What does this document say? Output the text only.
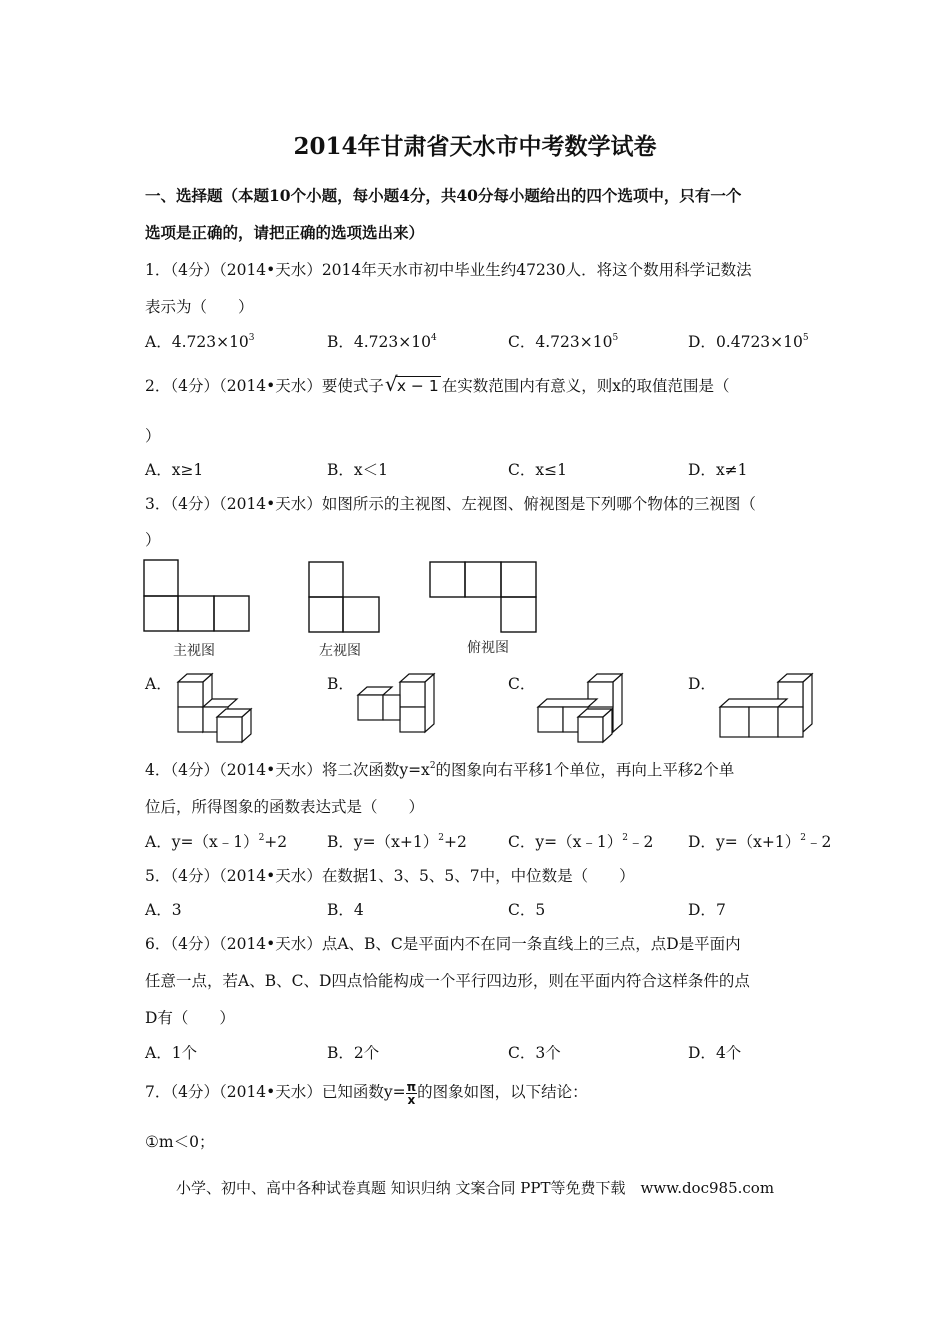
2014年甘肃省天水市中考数学试卷
一、选择题（本题10个小题，每小题4分，共40分每小题给出的四个选项中，只有一个
选项是正确的，请把正确的选项选出来）
1．（4分）（2014•天水）2014年天水市初中毕业生约47230人．将这个数用科学记数法
表示为（　　）
A．$4.723\times 10^3$	B．$4.723\times 10^4$	C．$4.723\times 10^5$	D．$0.4723\times 10^5$
2．（4分）（2014•天水）要使式子 √ x − 1 在实数范围内有意义，则x的取值范围是（
）
A．x≥1	B．x＜1	C．x≤1	D．x≠1
3．（4分）（2014•天水）如图所示的主视图、左视图、俯视图是下列哪个物体的三视图（
）
主视图	左视图	俯视图
A．	B．	C．	D．
4．（4分）（2014•天水）将二次函数$y=x^2$的图象向右平移1个单位，再向上平移2个单
位后，所得图象的函数表达式是（　　）
A．y=（x﹣1）$^2$+2	B．$y=(x+1)^2+2$	C．y=（x﹣1）$^2$﹣2 D．$y=(x+1)^2﹣2$
5．（4分）（2014•天水）在数据1、3、5、5、7中，中位数是（　　）
A．3	B．4	C．5	D．7
6．（4分）（2014•天水）点A、B、C是平面内不在同一条直线上的三点，点D是平面内
任意一点，若A、B、C、D四点恰能构成一个平行四边形，则在平面内符合这样条件的点
D有（　　）
A．1个	B．2个	C．3个	D．4个
7．（4分）（2014•天水）已知函数$y= \frac{\pi}{x}$ 的图象如图，以下结论：
①m＜0；
小学、初中、高中各种试卷真题 知识归纳 文案合同 PPT等免费下载　www.doc985.com
